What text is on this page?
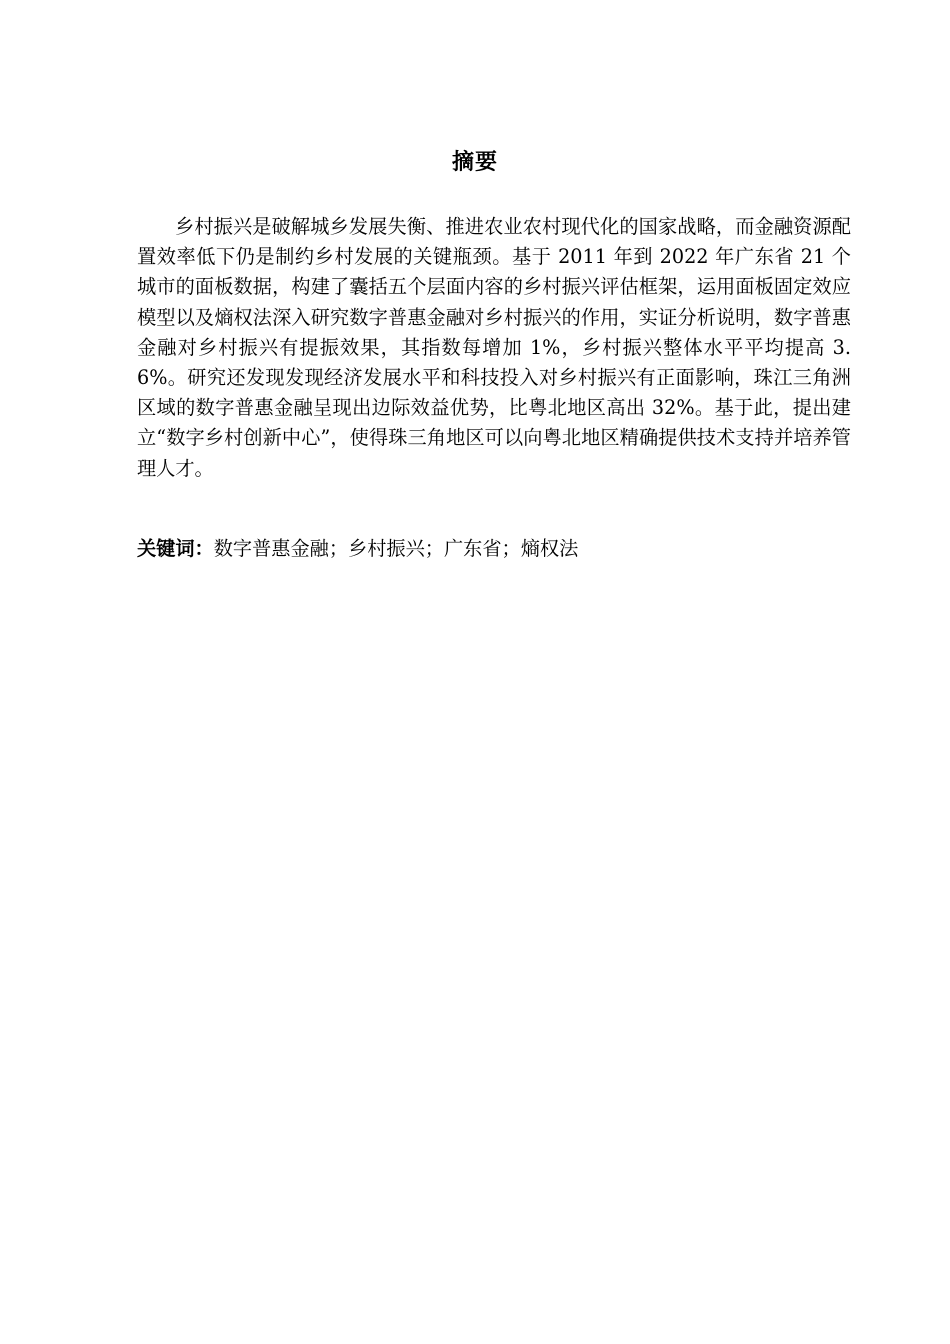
摘要

乡村振兴是破解城乡发展失衡、推进农业农村现代化的国家战略，而金融资源配置效率低下仍是制约乡村发展的关键瓶颈。基于 2011 年到 2022 年广东省 21 个城市的面板数据，构建了囊括五个层面内容的乡村振兴评估框架，运用面板固定效应模型以及熵权法深入研究数字普惠金融对乡村振兴的作用，实证分析说明，数字普惠金融对乡村振兴有提振效果，其指数每增加 1%，乡村振兴整体水平平均提高 3.6%。研究还发现发现经济发展水平和科技投入对乡村振兴有正面影响，珠江三角洲区域的数字普惠金融呈现出边际效益优势，比粤北地区高出 32%。基于此，提出建立“数字乡村创新中心”，使得珠三角地区可以向粤北地区精确提供技术支持并培养管理人才。

关键词：数字普惠金融；乡村振兴；广东省；熵权法
